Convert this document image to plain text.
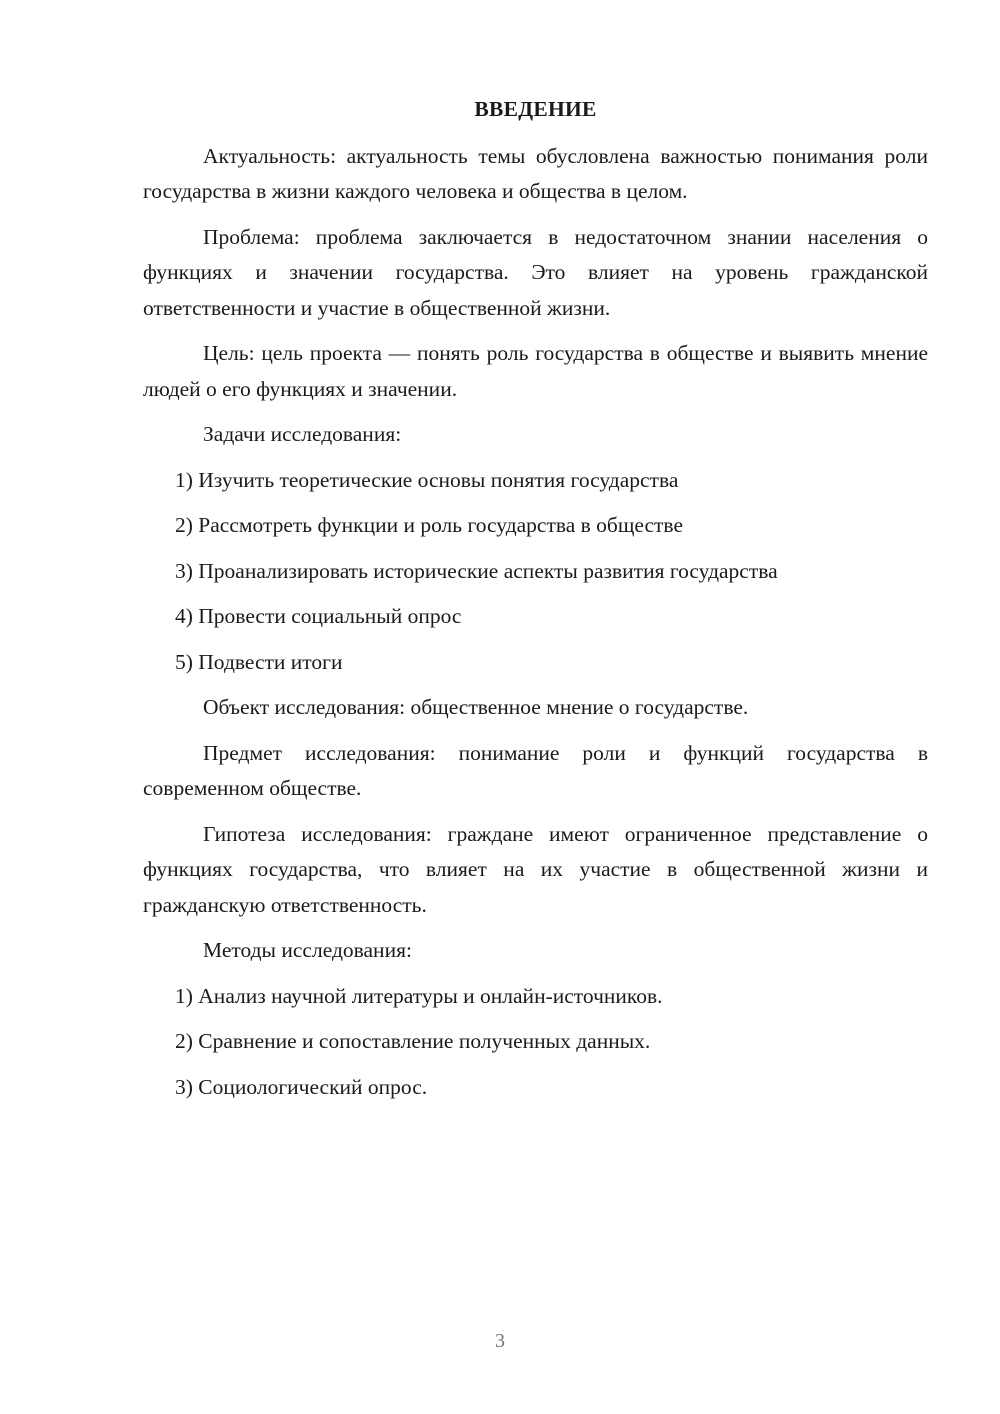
ВВЕДЕНИЕ

Актуальность: актуальность темы обусловлена важностью понимания роли государства в жизни каждого человека и общества в целом.

Проблема: проблема заключается в недостаточном знании населения о функциях и значении государства. Это влияет на уровень гражданской ответственности и участие в общественной жизни.

Цель: цель проекта — понять роль государства в обществе и выявить мнение людей о его функциях и значении.

Задачи исследования:

1) Изучить теоретические основы понятия государства
2) Рассмотреть функции и роль государства в обществе
3) Проанализировать исторические аспекты развития государства
4) Провести социальный опрос
5) Подвести итоги

Объект исследования: общественное мнение о государстве.

Предмет исследования: понимание роли и функций государства в современном обществе.

Гипотеза исследования: граждане имеют ограниченное представление о функциях государства, что влияет на их участие в общественной жизни и гражданскую ответственность.

Методы исследования:

1) Анализ научной литературы и онлайн-источников.
2) Сравнение и сопоставление полученных данных.
3) Социологический опрос.
3
